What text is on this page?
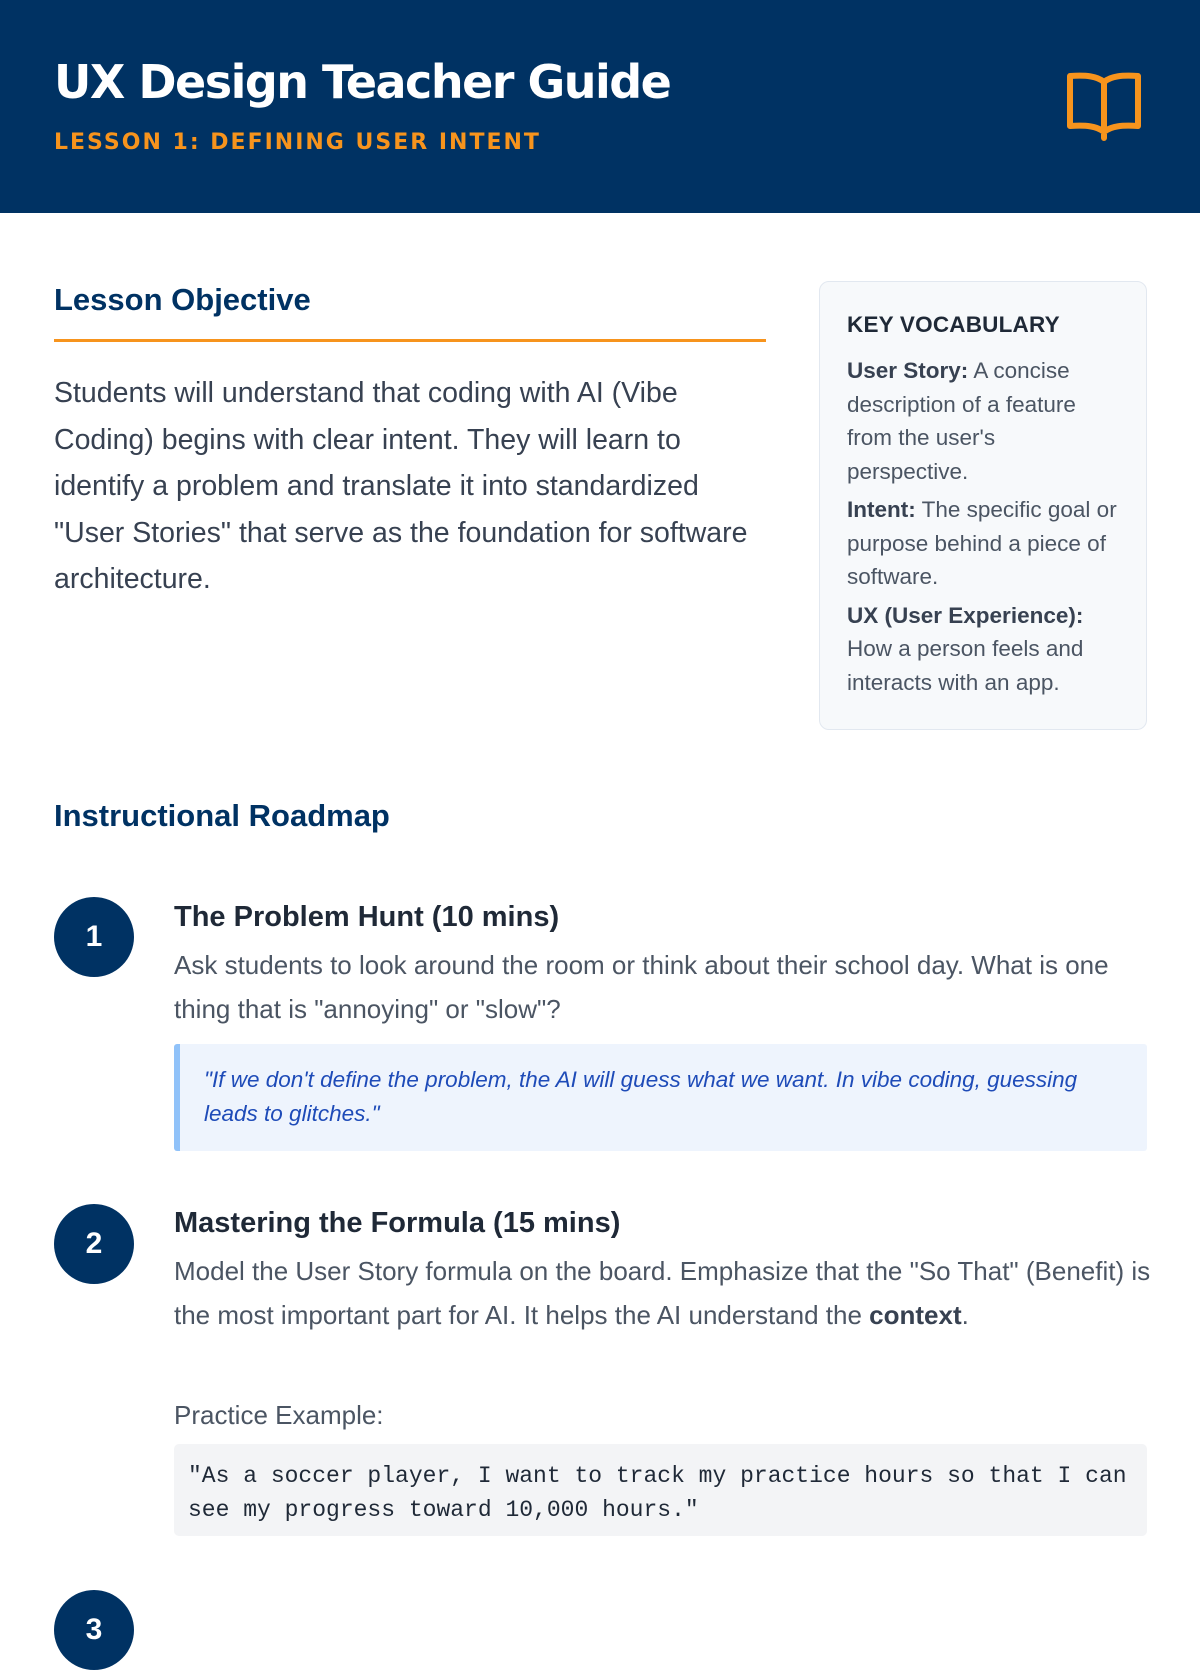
UX Design Teacher Guide
LESSON 1: DEFINING USER INTENT
Lesson Objective
Students will understand that coding with AI (Vibe Coding) begins with clear intent. They will learn to identify a problem and translate it into standardized "User Stories" that serve as the foundation for software architecture.
KEY VOCABULARY
User Story: A concise description of a feature from the user's perspective.
Intent: The specific goal or purpose behind a piece of software.
UX (User Experience): How a person feels and interacts with an app.
Instructional Roadmap
1
The Problem Hunt (10 mins)
Ask students to look around the room or think about their school day. What is one thing that is "annoying" or "slow"?
"If we don't define the problem, the AI will guess what we want. In vibe coding, guessing leads to glitches."
2
Mastering the Formula (15 mins)
Model the User Story formula on the board. Emphasize that the "So That" (Benefit) is the most important part for AI. It helps the AI understand the context.
Practice Example:
"As a soccer player, I want to track my practice hours so that I can see my progress toward 10,000 hours."
3
